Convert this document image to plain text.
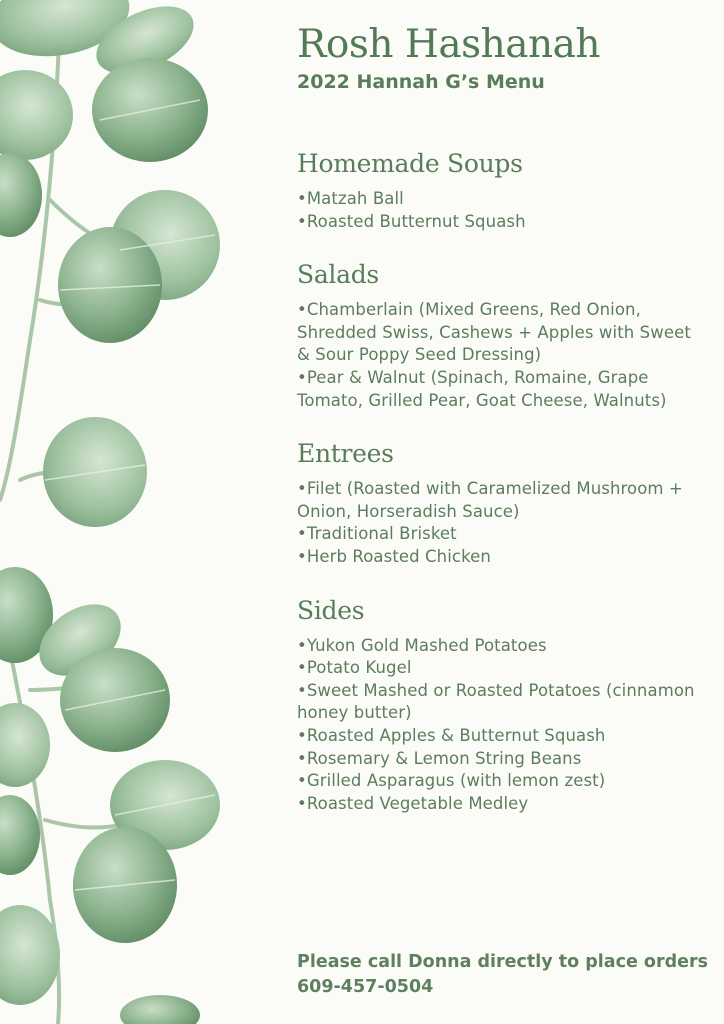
Rosh Hashanah
2022 Hannah G’s Menu
Homemade Soups
•Matzah Ball
•Roasted Butternut Squash
Salads
•Chamberlain (Mixed Greens, Red Onion, Shredded Swiss, Cashews + Apples with Sweet & Sour Poppy Seed Dressing)
•Pear & Walnut (Spinach, Romaine, Grape Tomato, Grilled Pear, Goat Cheese, Walnuts)
Entrees
•Filet (Roasted with Caramelized Mushroom + Onion, Horseradish Sauce)
•Traditional Brisket
•Herb Roasted Chicken
Sides
•Yukon Gold Mashed Potatoes
•Potato Kugel
•Sweet Mashed or Roasted Potatoes (cinnamon honey butter)
•Roasted Apples & Butternut Squash
•Rosemary & Lemon String Beans
•Grilled Asparagus (with lemon zest)
•Roasted Vegetable Medley
Please call Donna directly to place orders 609-457-0504
